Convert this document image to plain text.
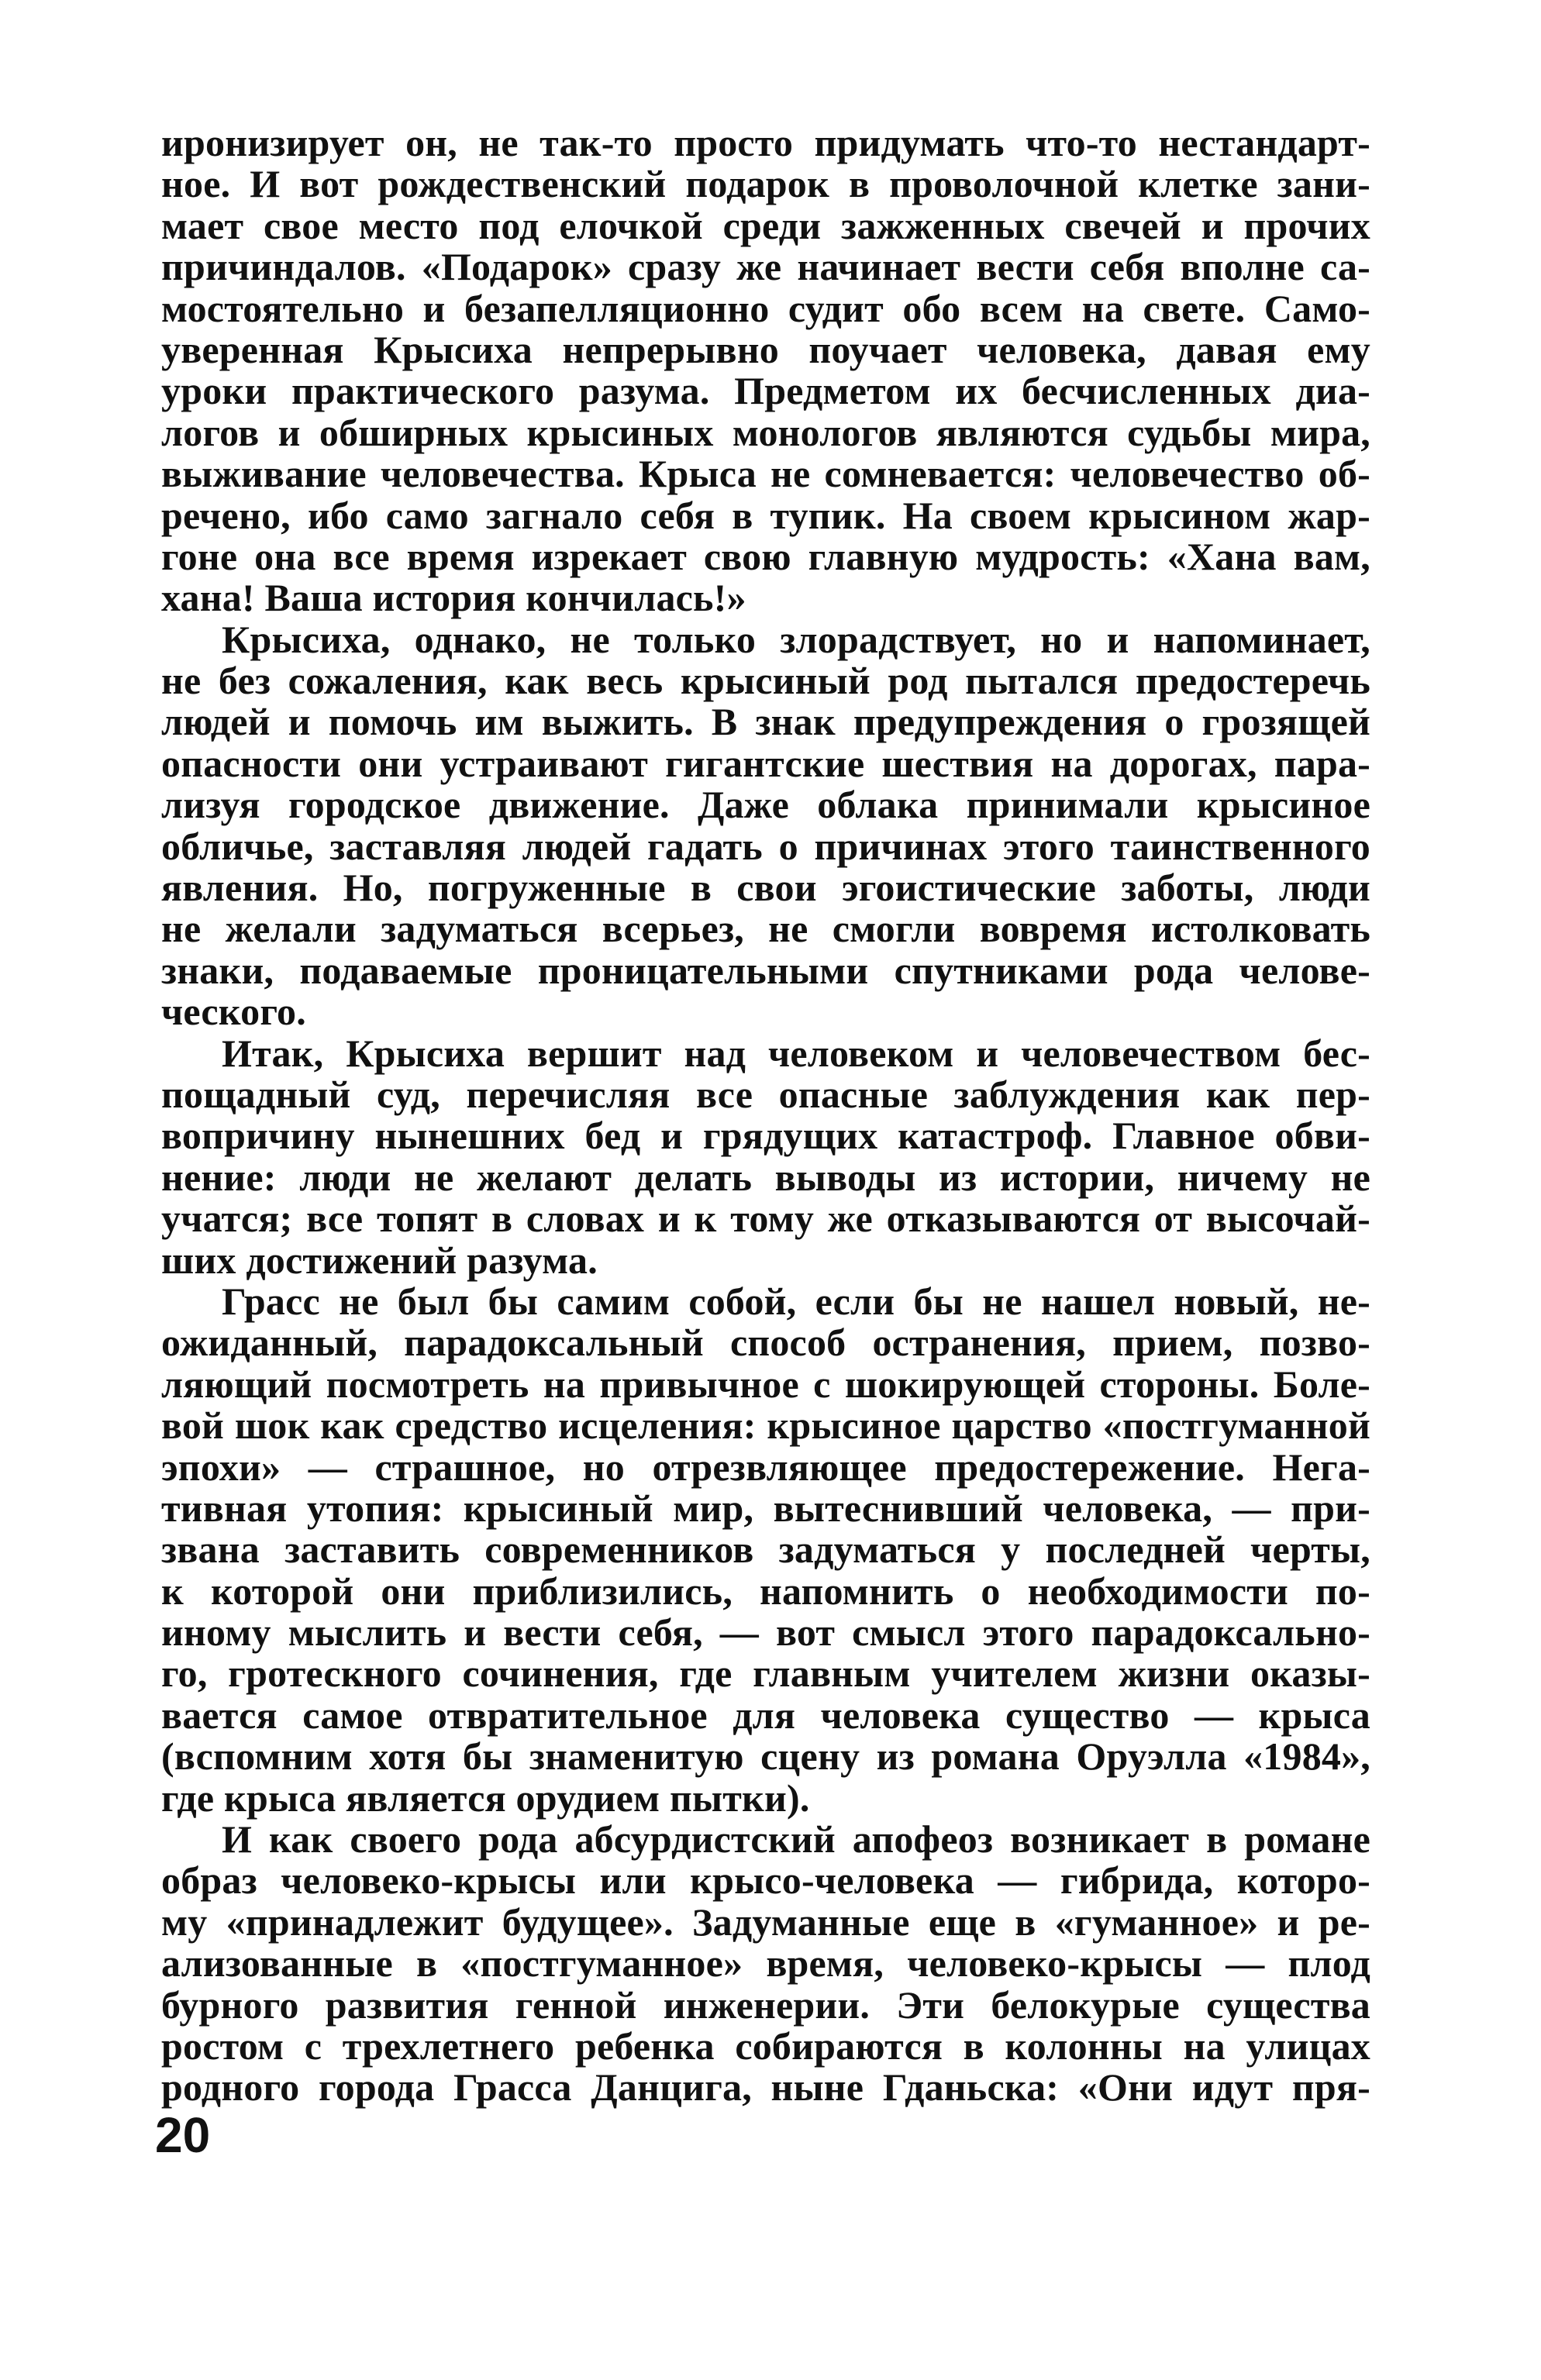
иронизирует он, не так-то просто придумать что-то нестандарт-
ное. И вот рождественский подарок в проволочной клетке зани-
мает свое место под елочкой среди зажженных свечей и прочих
причиндалов. «Подарок» сразу же начинает вести себя вполне са-
мостоятельно и безапелляционно судит обо всем на свете. Само-
уверенная Крысиха непрерывно поучает человека, давая ему
уроки практического разума. Предметом их бесчисленных диа-
логов и обширных крысиных монологов являются судьбы мира,
выживание человечества. Крыса не сомневается: человечество об-
речено, ибо само загнало себя в тупик. На своем крысином жар-
гоне она все время изрекает свою главную мудрость: «Хана вам,
хана! Ваша история кончилась!»
Крысиха, однако, не только злорадствует, но и напоминает,
не без сожаления, как весь крысиный род пытался предостеречь
людей и помочь им выжить. В знак предупреждения о грозящей
опасности они устраивают гигантские шествия на дорогах, пара-
лизуя городское движение. Даже облака принимали крысиное
обличье, заставляя людей гадать о причинах этого таинственного
явления. Но, погруженные в свои эгоистические заботы, люди
не желали задуматься всерьез, не смогли вовремя истолковать
знаки, подаваемые проницательными спутниками рода челове-
ческого.
Итак, Крысиха вершит над человеком и человечеством бес-
пощадный суд, перечисляя все опасные заблуждения как пер-
вопричину нынешних бед и грядущих катастроф. Главное обви-
нение: люди не желают делать выводы из истории, ничему не
учатся; все топят в словах и к тому же отказываются от высочай-
ших достижений разума.
Грасс не был бы самим собой, если бы не нашел новый, не-
ожиданный, парадоксальный способ остранения, прием, позво-
ляющий посмотреть на привычное с шокирующей стороны. Боле-
вой шок как средство исцеления: крысиное царство «постгуманной
эпохи» — страшное, но отрезвляющее предостережение. Нега-
тивная утопия: крысиный мир, вытеснивший человека, — при-
звана заставить современников задуматься у последней черты,
к которой они приблизились, напомнить о необходимости по-
иному мыслить и вести себя, — вот смысл этого парадоксально-
го, гротескного сочинения, где главным учителем жизни оказы-
вается самое отвратительное для человека существо — крыса
(вспомним хотя бы знаменитую сцену из романа Оруэлла «1984»,
где крыса является орудием пытки).
И как своего рода абсурдистский апофеоз возникает в романе
образ человеко-крысы или крысо-человека — гибрида, которо-
му «принадлежит будущее». Задуманные еще в «гуманное» и ре-
ализованные в «постгуманное» время, человеко-крысы — плод
бурного развития генной инженерии. Эти белокурые существа
ростом с трехлетнего ребенка собираются в колонны на улицах
родного города Грасса Данцига, ныне Гданьска: «Они идут пря-
20
